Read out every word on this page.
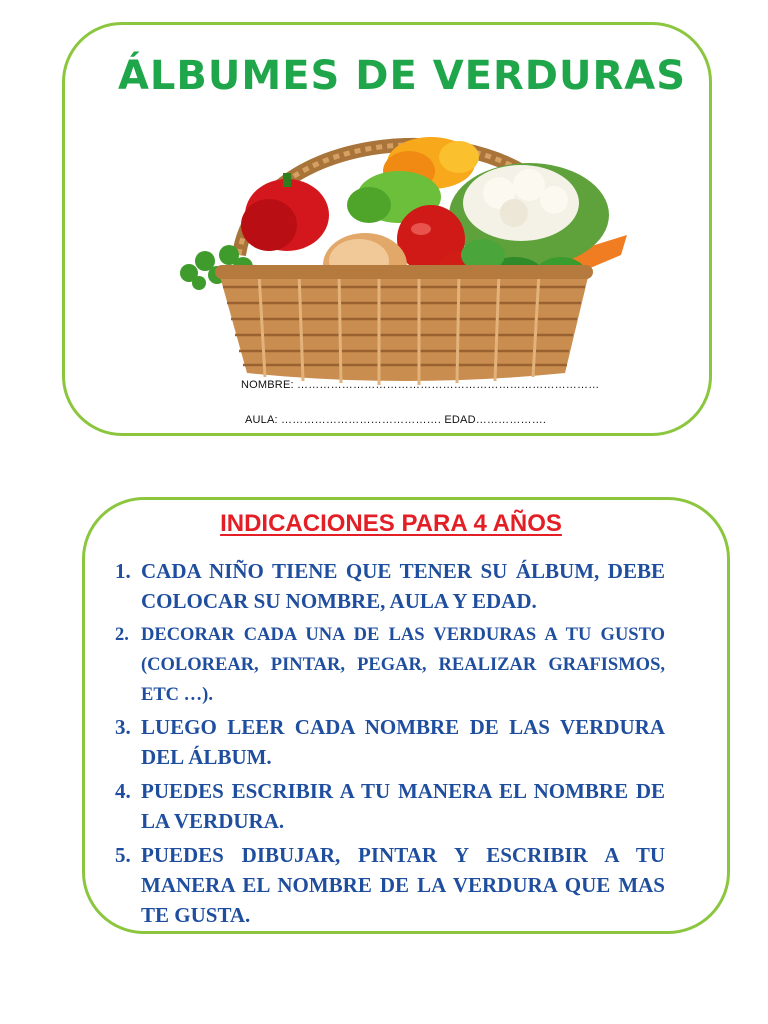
ÁLBUMES DE VERDURAS
NOMBRE: ………………………………………………………………………
AULA: ……………………………………. EDAD……………….
INDICACIONES PARA 4 AÑOS
1. CADA NIÑO TIENE QUE TENER SU ÁLBUM, DEBE COLOCAR SU NOMBRE, AULA Y EDAD.
2. DECORAR CADA UNA DE LAS VERDURAS A TU GUSTO (COLOREAR, PINTAR, PEGAR, REALIZAR GRAFISMOS, ETC …).
3. LUEGO LEER CADA NOMBRE DE LAS VERDURA DEL ÁLBUM.
4. PUEDES ESCRIBIR A TU MANERA EL NOMBRE DE LA VERDURA.
5. PUEDES DIBUJAR, PINTAR Y ESCRIBIR A TU MANERA EL NOMBRE DE LA VERDURA QUE MAS TE GUSTA.
